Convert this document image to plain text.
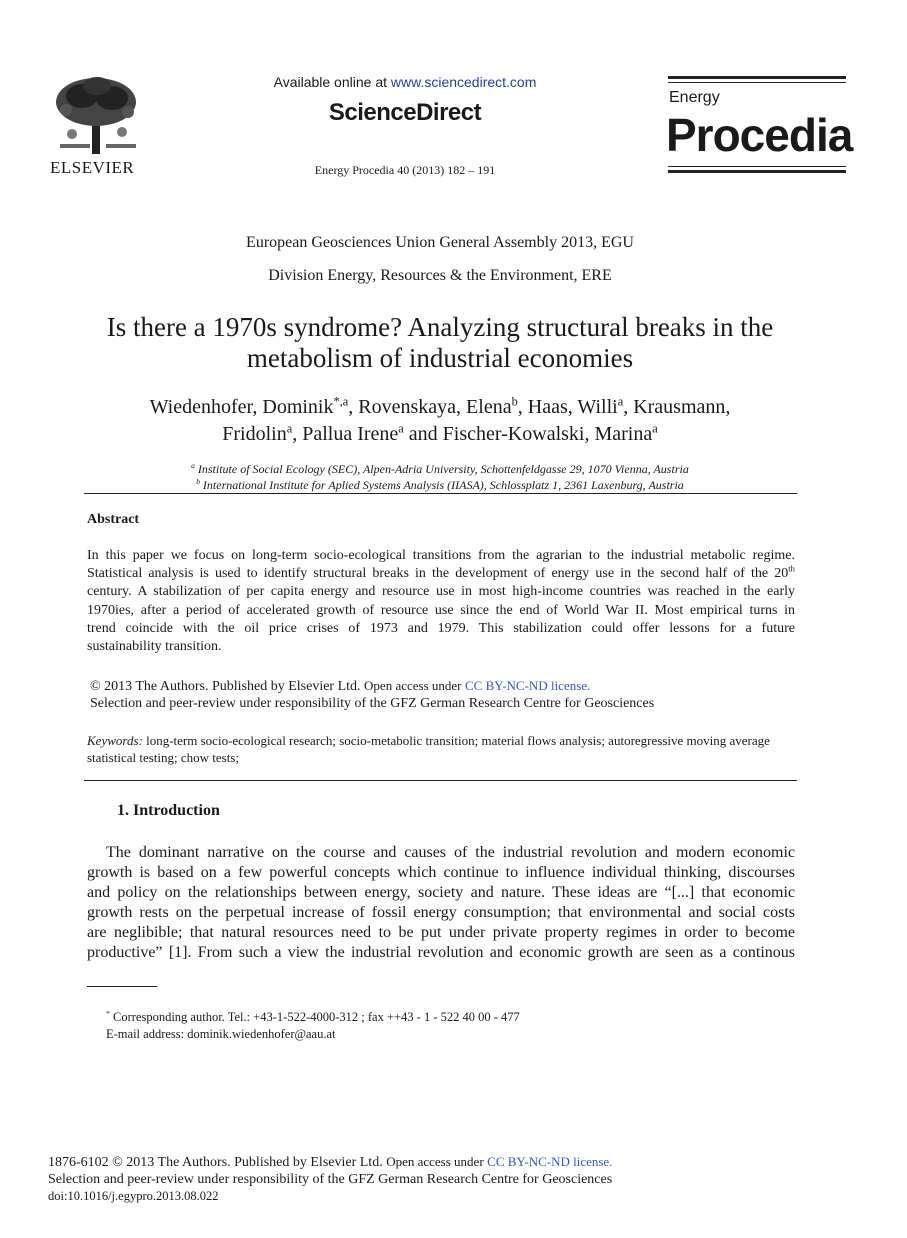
ELSEVIER
Available online at www.sciencedirect.com
ScienceDirect
Energy Procedia 40 (2013) 182 – 191
Energy
Procedia
European Geosciences Union General Assembly 2013, EGU
Division Energy, Resources & the Environment, ERE
Is there a 1970s syndrome? Analyzing structural breaks in the
metabolism of industrial economies
Wiedenhofer, Dominik$^{*,a}$, Rovenskaya, Elena$^b$, Haas, Willi$^a$, Krausmann,
Fridolin$^a$, Pallua Irene$^a$ and Fischer-Kowalski, Marina$^a$
$^a$ Institute of Social Ecology (SEC), Alpen-Adria University, Schottenfeldgasse 29, 1070 Vienna, Austria
$^b$ International Institute for Aplied Systems Analysis (IIASA), Schlossplatz 1, 2361 Laxenburg, Austria
Abstract
In this paper we focus on long-term socio-ecological transitions from the agrarian to the industrial metabolic regime.
Statistical analysis is used to identify structural breaks in the development of energy use in the second half of the 20th
century. A stabilization of per capita energy and resource use in most high-income countries was reached in the early
1970ies, after a period of accelerated growth of resource use since the end of World War II. Most empirical turns in
trend coincide with the oil price crises of 1973 and 1979. This stabilization could offer lessons for a future
sustainability transition.
© 2013 The Authors. Published by Elsevier Ltd. Open access under CC BY-NC-ND license.
Selection and peer-review under responsibility of the GFZ German Research Centre for Geosciences
Keywords: long-term socio-ecological research; socio-metabolic transition; material flows analysis; autoregressive moving average
statistical testing; chow tests;
1. Introduction
The dominant narrative on the course and causes of the industrial revolution and modern economic
growth is based on a few powerful concepts which continue to influence individual thinking, discourses
and policy on the relationships between energy, society and nature. These ideas are “[...] that economic
growth rests on the perpetual increase of fossil energy consumption; that environmental and social costs
are neglibible; that natural resources need to be put under private property regimes in order to become
productive” [1]. From such a view the industrial revolution and economic growth are seen as a continous
* Corresponding author. Tel.: +43-1-522-4000-312 ; fax ++43 - 1 - 522 40 00 - 477
E-mail address: dominik.wiedenhofer@aau.at
1876-6102 © 2013 The Authors. Published by Elsevier Ltd. Open access under CC BY-NC-ND license.
Selection and peer-review under responsibility of the GFZ German Research Centre for Geosciences
doi:10.1016/j.egypro.2013.08.022
